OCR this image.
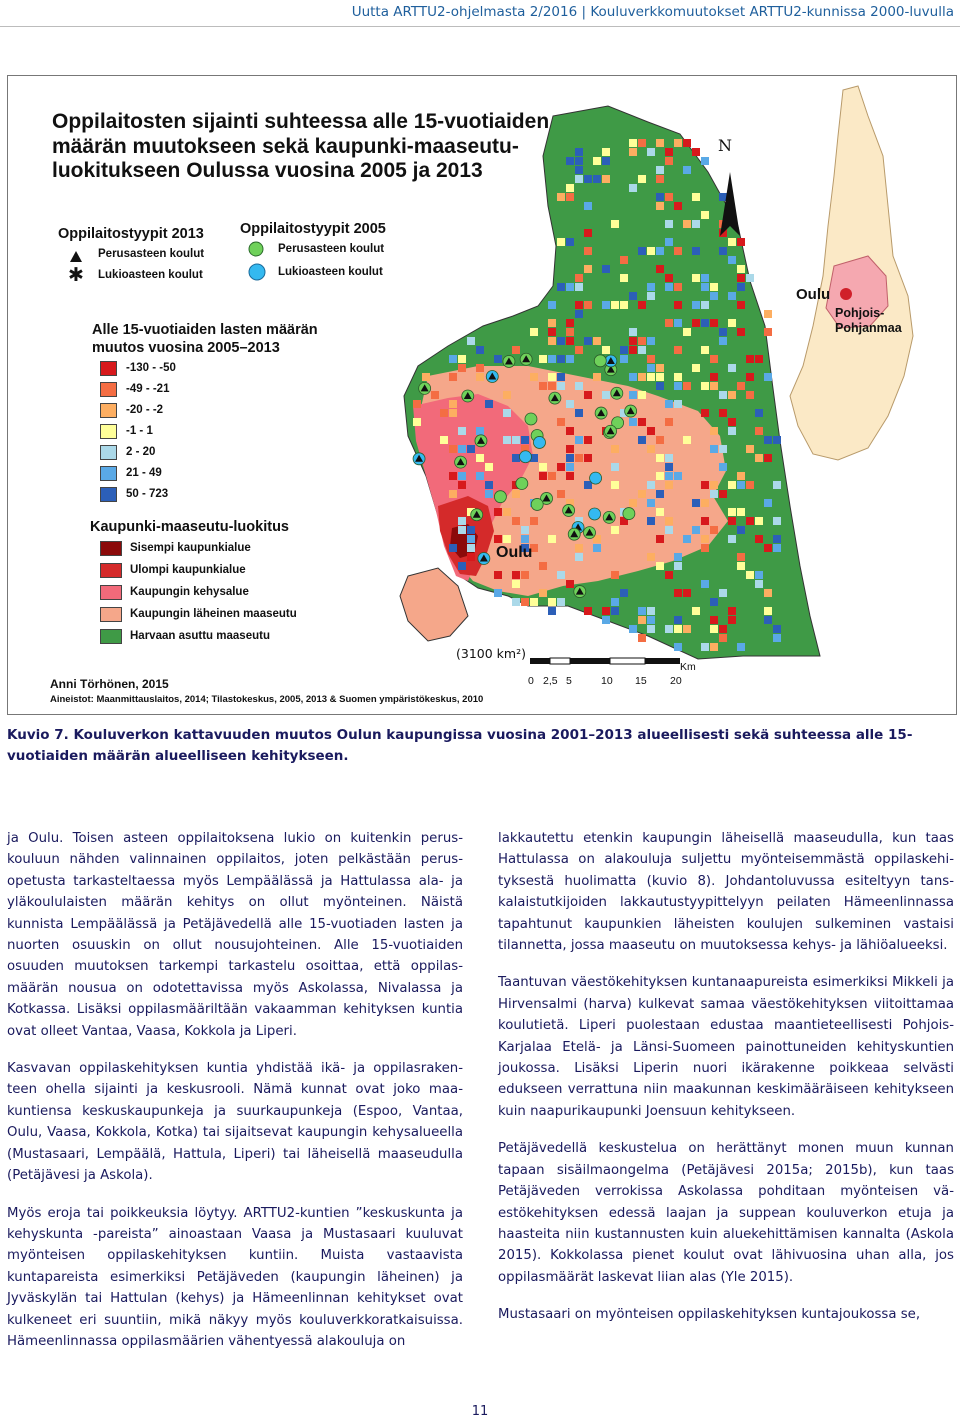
Uutta ARTTU2-ohjelmasta 2/2016 | Kouluverkkomuutokset ARTTU2-kunnissa 2000-luvulla
Oppilaitosten sijainti suhteessa alle 15-vuotiaiden määrän muutokseen sekä kaupunki-maaseutu-luokitukseen Oulussa vuosina 2005 ja 2013
Oppilaitostyypit 2013
Perusasteen koulut
✱ Lukioasteen koulut
Oppilaitostyypit 2005
Perusasteen koulut
Lukioasteen koulut
Alle 15-vuotiaiden lasten määrän
muutos vuosina 2005–2013
Kaupunki-maaseutu-luokitus
Oulu
Oulu
Pohjois-
Pohjanmaa
N
(3100 km²)
Km
0 2,5 5	10 15 20
Anni Törhönen, 2015
Aineistot: Maanmittauslaitos, 2014; Tilastokeskus, 2005, 2013 & Suomen ympäristökeskus, 2010
-130 - -50
-49 - -21
-20 - -2
-1 - 1
2 - 20
21 - 49
50 - 723
Sisempi kaupunkialue
Ulompi kaupunkialue
Kaupungin kehysalue
Kaupungin läheinen maaseutu
Harvaan asuttu maaseutu
Kuvio 7. Kouluverkon kattavuuden muutos Oulun kaupungissa vuosina 2001–2013 alueellisesti sekä suhteessa alle 15-vuotiaiden määrän alueelliseen kehitykseen.

ja Oulu. Toisen asteen oppilaitoksena lukio on kuitenkin peruskouluun nähden valinnainen oppilaitos, joten pelkästään perusopetusta tarkasteltaessa myös Lempäälässä ja Hattulassa ala- ja yläkoululaisten määrän kehitys on ollut myönteinen. Näistä kunnista Lempäälässä ja Petäjävedellä alle 15-vuotiaden lasten ja nuorten osuuskin on ollut nousujohteinen. Alle 15-vuotiaiden osuuden muutoksen tarkempi tarkastelu osoittaa, että oppilasmäärän nousua on odotettavissa myös Askolassa, Nivalassa ja Kotkassa. Lisäksi oppilasmääriltään vakaamman kehityksen kuntia ovat olleet Vantaa, Vaasa, Kokkola ja Liperi.

Kasvavan oppilaskehityksen kuntia yhdistää ikä- ja oppilasrakenteen ohella sijainti ja keskusrooli. Nämä kunnat ovat joko maakuntiensa keskuskaupunkeja ja suurkaupunkeja (Espoo, Vantaa, Oulu, Vaasa, Kokkola, Kotka) tai sijaitsevat kaupungin kehysalueella (Mustasaari, Lempäälä, Hattula, Liperi) tai läheisellä maaseudulla (Petäjävesi ja Askola).

Myös eroja tai poikkeuksia löytyy. ARTTU2-kuntien ”keskuskunta ja kehyskunta -pareista” ainoastaan Vaasa ja Mustasaari kuuluvat myönteisen oppilaskehityksen kuntiin. Muista vastaavista kuntapareista esimerkiksi Petäjäveden (kaupungin läheinen) ja Jyväskylän tai Hattulan (kehys) ja Hämeenlinnan kehitykset ovat kulkeneet eri suuntiin, mikä näkyy myös kouluverkkoratkaisuissa. Hämeenlinnassa oppilasmäärien vähentyessä alakouluja on

lakkautettu etenkin kaupungin läheisellä maaseudulla, kun taas Hattulassa on alakouluja suljettu myönteisemmästä oppilaskehityksestä huolimatta (kuvio 8). Johdantoluvussa esiteltyyn tanskalaistutkijoiden lakkautustyypittelyyn peilaten Hämeenlinnassa tapahtunut kaupunkien läheisten koulujen sulkeminen vastaisi tilannetta, jossa maaseutu on muutoksessa kehys- ja lähiöalueeksi.

Taantuvan väestökehityksen kuntanaapureista esimerkiksi Mikkeli ja Hirvensalmi (harva) kulkevat samaa väestökehityksen viitoittamaa koulutietä. Liperi puolestaan edustaa maantieteellisesti Pohjois-Karjalaa Etelä- ja Länsi-Suomeen painottuneiden kehityskuntien joukossa. Lisäksi Liperin nuori ikärakenne poikkeaa selvästi edukseen verrattuna niin maakunnan keskimääräiseen kehitykseen kuin naapurikaupunki Joensuun kehitykseen.

Petäjävedellä keskustelua on herättänyt monen muun kunnan tapaan sisäilmaongelma (Petäjävesi 2015a; 2015b), kun taas Petäjäveden verrokissa Askolassa pohditaan myönteisen väestökehityksen edessä laajan ja suppean kouluverkon etuja ja haasteita niin kustannusten kuin aluekehittämisen kannalta (Askola 2015). Kokkolassa pienet koulut ovat lähivuosina uhan alla, jos oppilasmäärät laskevat liian alas (Yle 2015).

Mustasaari on myönteisen oppilaskehityksen kuntajoukossa se,

11
